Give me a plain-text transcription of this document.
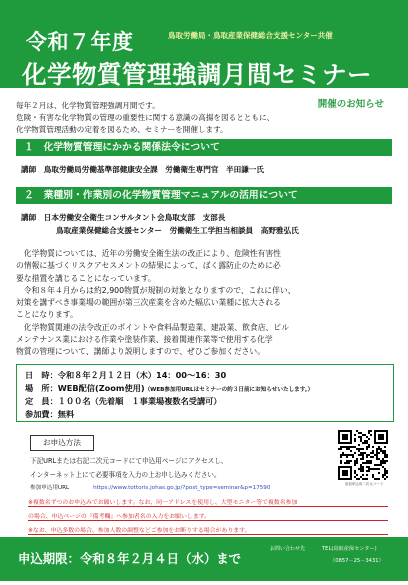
鳥取労働局・鳥取産業保健総合支援センター共催
令和７年度
化学物質管理強調月間セミナー
開催のお知らせ

毎年２月は、化学物質管理強調月間です。

危険・有害な化学物質の管理の重要性に関する意識の高揚を図るとともに、

化学物質管理活動の定着を図るため、セミナーを開催します。

１　化学物質管理にかかる関係法令について
講師　鳥取労働局労働基準部健康安全課　労働衛生専門官　半田謙一氏
２　業種別・作業別の化学物質管理マニュアルの活用について
講師　日本労働安全衛生コンサルタント会鳥取支部　支部長
鳥取産業保健総合支援センター　労働衛生工学担当相談員　高野雅弘氏

　化学物質については、近年の労働安全衛生法の改正により、危険性有害性

の情報に基づくリスクアセスメントの結果によって、ばく露防止のために必

要な措置を講じることになっています。

　令和８年４月からは約2,900物質が規制の対象となりますので、これに伴い、

対策を講ずべき事業場の範囲が第三次産業を含めた幅広い業種に拡大される

ことになります。

　化学物質関連の法令改正のポイントや食料品製造業、建設業、飲食店、ビル

メンテナンス業における作業や塗装作業、接着関連作業等で使用する化学

物質の管理について、講師より説明しますので、ぜひご参加ください。

日　時：令和８年２月１２日（木）14：00～16：30
場　所：WEB配信(Zoom使用)（WEB参加用URLはセミナーの約３日前にお知らせいたします。）
定　員：１００名（先着順　１事業場複数名受講可）
参加費：無料
お申込方法

下記URLまたは右記二次元コードにて申込用ページにアクセスし、

インターネット上にて必要事項を入力の上お申し込みください。

参加申込用URL	https://www.tottoris.johas.go.jp/?post_type=seminar&p=17590
参加申込用二次元コード
※複数名ずつのお申込みでお願いします。なお、同一アドレスを使用し、大型モニター等で複数名参加
の場合、申込ページの『備考欄』へ参加者名の入力をお願いします。
※なお、申込多数の場合、参加人数の調整などご参加をお断りする場合があります。
申込期限：令和８年２月４日（水）まで
お問い合わせ先	TEL(鳥取産保センター)
（0857－25－3431）
